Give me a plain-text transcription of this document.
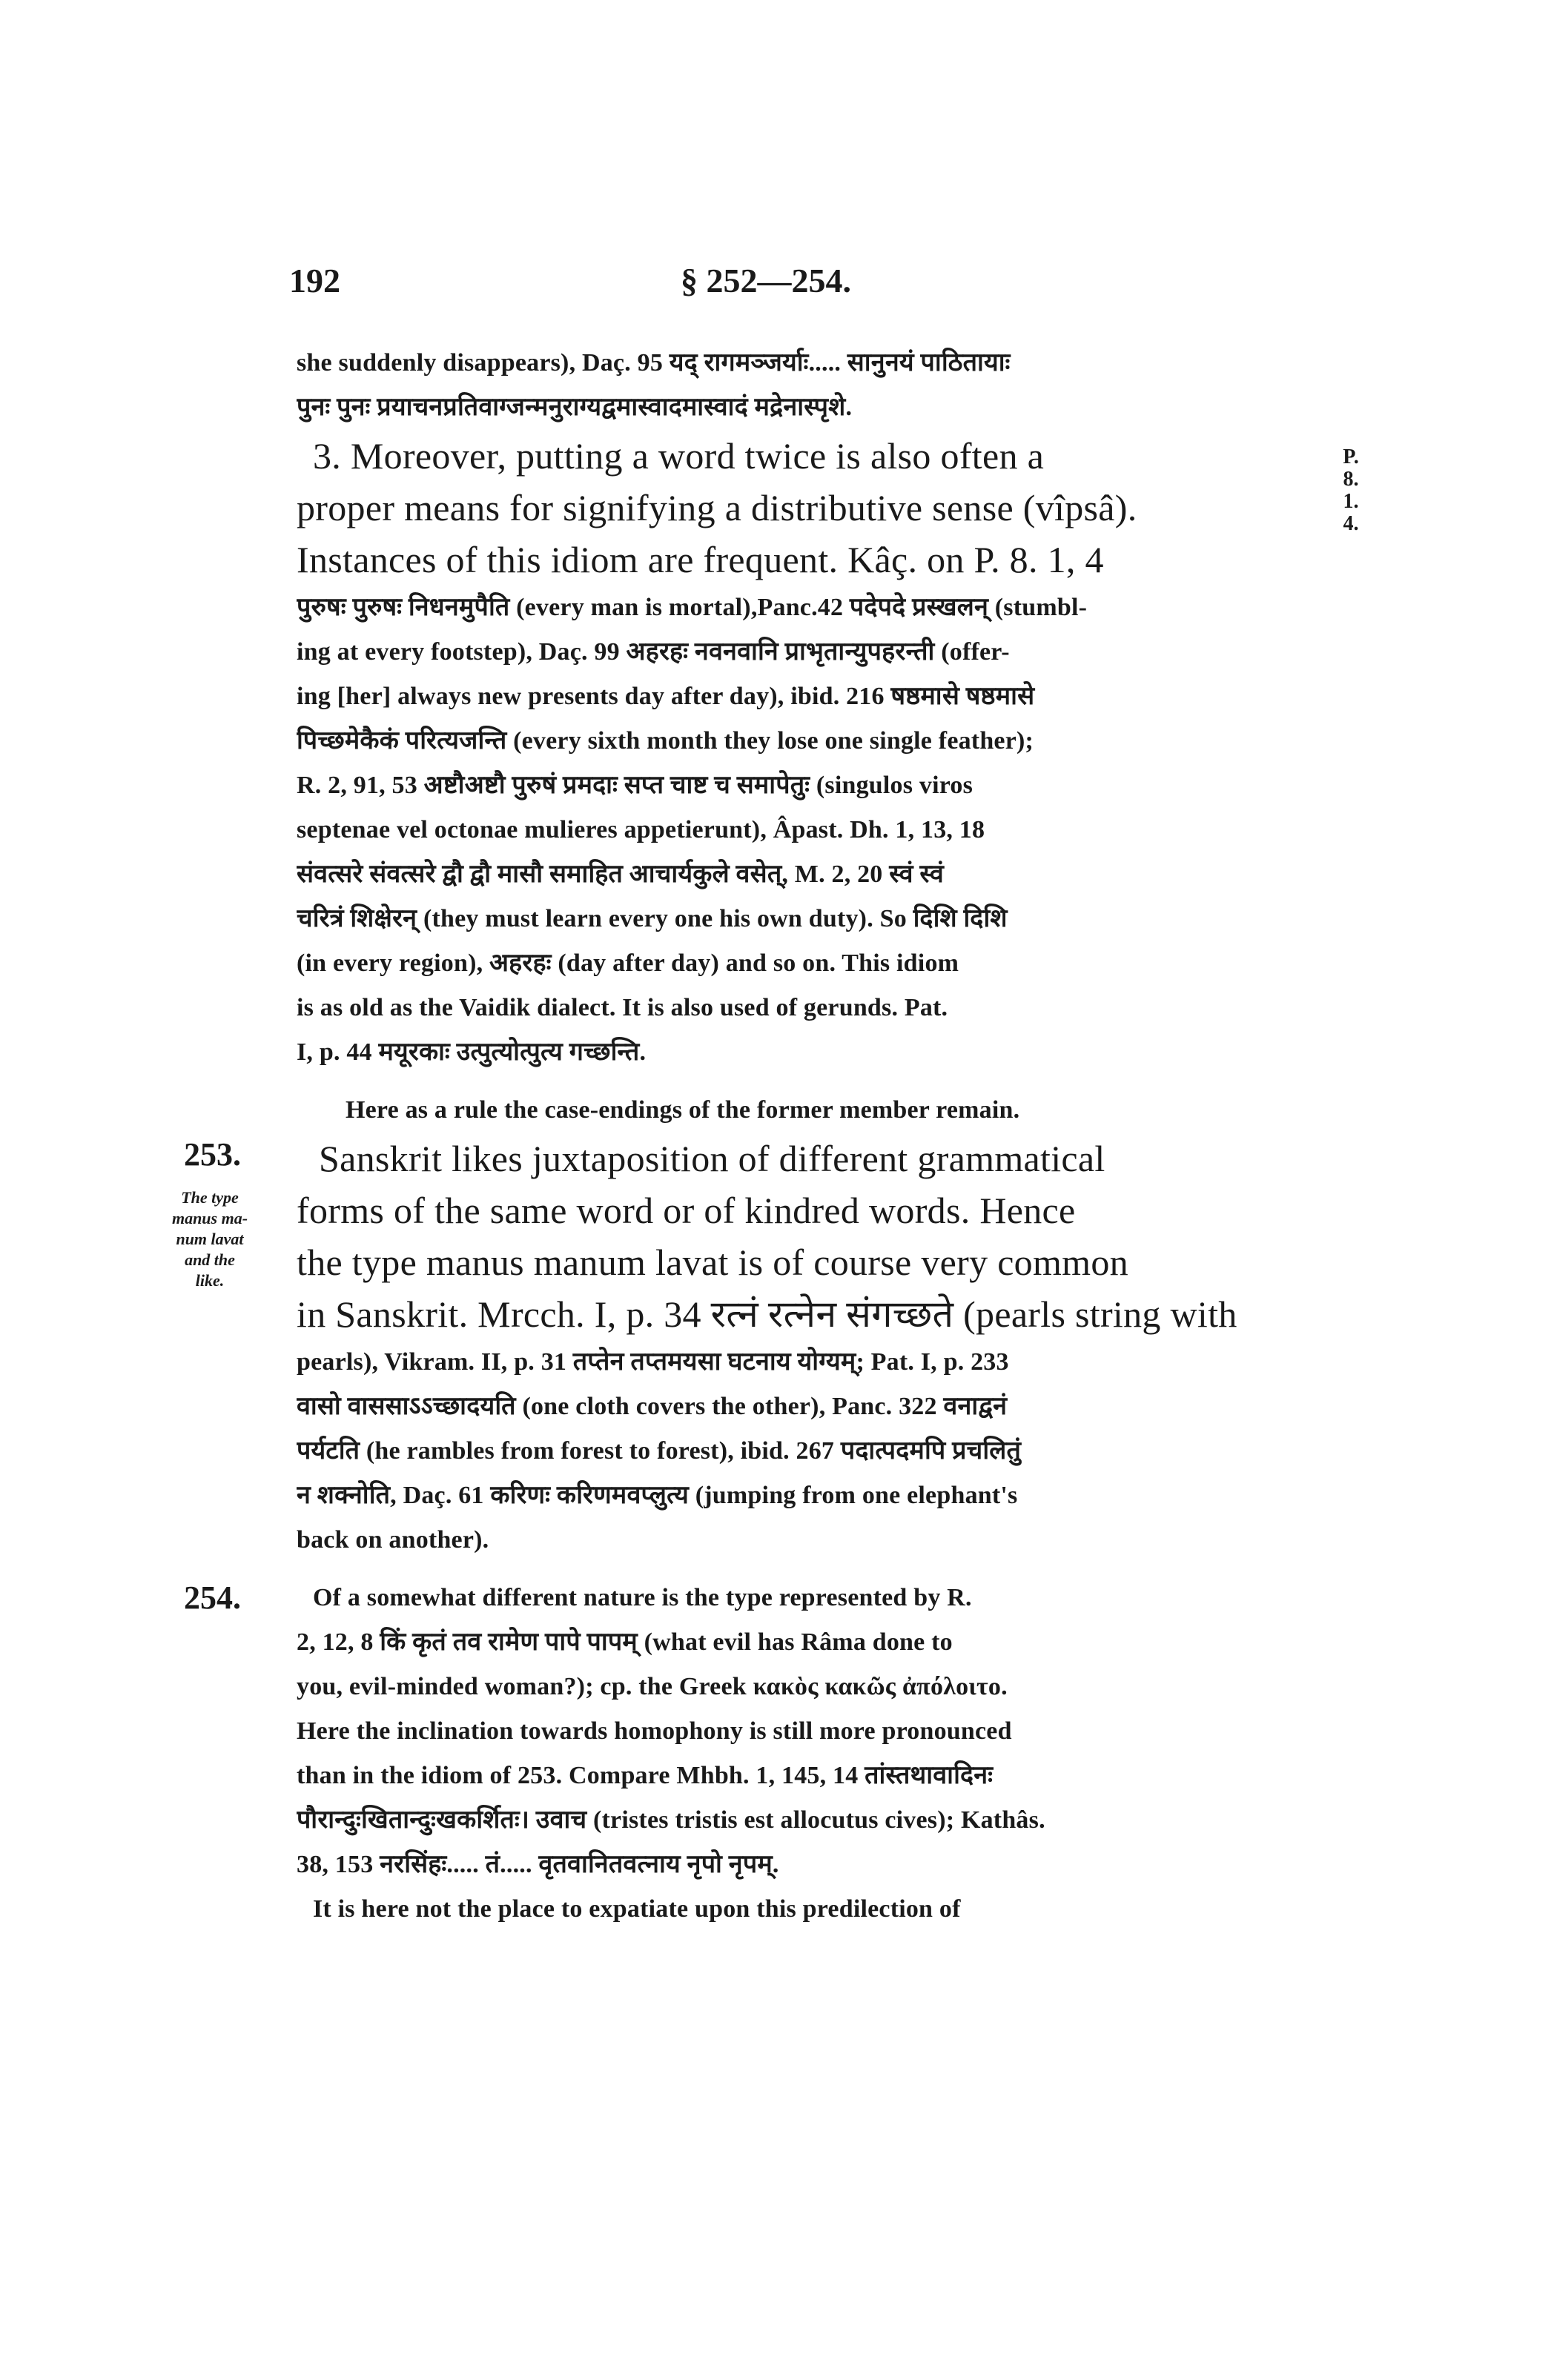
192	§ 252—254.
she suddenly disappears), Daç. 95 यद् रागमञ्जर्याः..... सानुनयं पाठितायाः
पुनः पुनः प्रयाचनप्रतिवाग्जन्मनुराग्यद्वमास्वादमास्वादं मद्रेनास्पृशे.
P. 8.
1. 4.
3. Moreover, putting a word twice is also often a
proper means for signifying a distributive sense (vîpsâ).
Instances of this idiom are frequent. Kâç. on P. 8. 1, 4
पुरुषः पुरुषः निधनमुपैति (every man is mortal),Panc.42 पदेपदे प्रस्खलन् (stumbl-
ing at every footstep), Daç. 99 अहरहः नवनवानि प्राभृतान्युपहरन्ती (offer-
ing [her] always new presents day after day), ibid. 216 षष्ठमासे षष्ठमासे
पिच्छमेकैकं परित्यजन्ति (every sixth month they lose one single feather);
R. 2, 91, 53 अष्टौअष्टौ पुरुषं प्रमदाः सप्त चाष्ट च समापेतुः (singulos viros
septenae vel octonae mulieres appetierunt), Âpast. Dh. 1, 13, 18
संवत्सरे संवत्सरे द्वौ द्वौ मासौ समाहित आचार्यकुले वसेत्, M. 2, 20 स्वं स्वं
चरित्रं शिक्षेरन् (they must learn every one his own duty). So दिशि दिशि
(in every region), अहरहः (day after day) and so on. This idiom
is as old as the Vaidik dialect. It is also used of gerunds. Pat.
I, p. 44 मयूरकाः उत्पुत्योत्पुत्य गच्छन्ति.
Here as a rule the case-endings of the former member remain.
253.
The type
manus ma-
num lavat
and the
like.
Sanskrit likes juxtaposition of different grammatical
forms of the same word or of kindred words. Hence
the type manus manum lavat is of course very common
in Sanskrit. Mrcch. I, p. 34 रत्नं रत्नेन संगच्छते (pearls string with
pearls), Vikram. II, p. 31 तप्तेन तप्तमयसा घटनाय योग्यम्; Pat. I, p. 233
वासो वाससाऽऽच्छादयति (one cloth covers the other), Panc. 322 वनाद्वनं
पर्यटति (he rambles from forest to forest), ibid. 267 पदात्पदमपि प्रचलितुं
न शक्नोति, Daç. 61 करिणः करिणमवप्लुत्य (jumping from one elephant's
back on another).
254.	Of a somewhat different nature is the type represented by R.
2, 12, 8 किं कृतं तव रामेण पापे पापम् (what evil has Râma done to
you, evil-minded woman?); cp. the Greek κακὸς κακῶς ἀπόλοιτο.
Here the inclination towards homophony is still more pronounced
than in the idiom of 253. Compare Mhbh. 1, 145, 14 तांस्तथावादिनः
पौरान्दुःखितान्दुःखकर्शितः। उवाच (tristes tristis est allocutus cives); Kathâs.
38, 153 नरसिंहः..... तं..... वृतवानितवत्नाय नृपो नृपम्.
It is here not the place to expatiate upon this predilection of
